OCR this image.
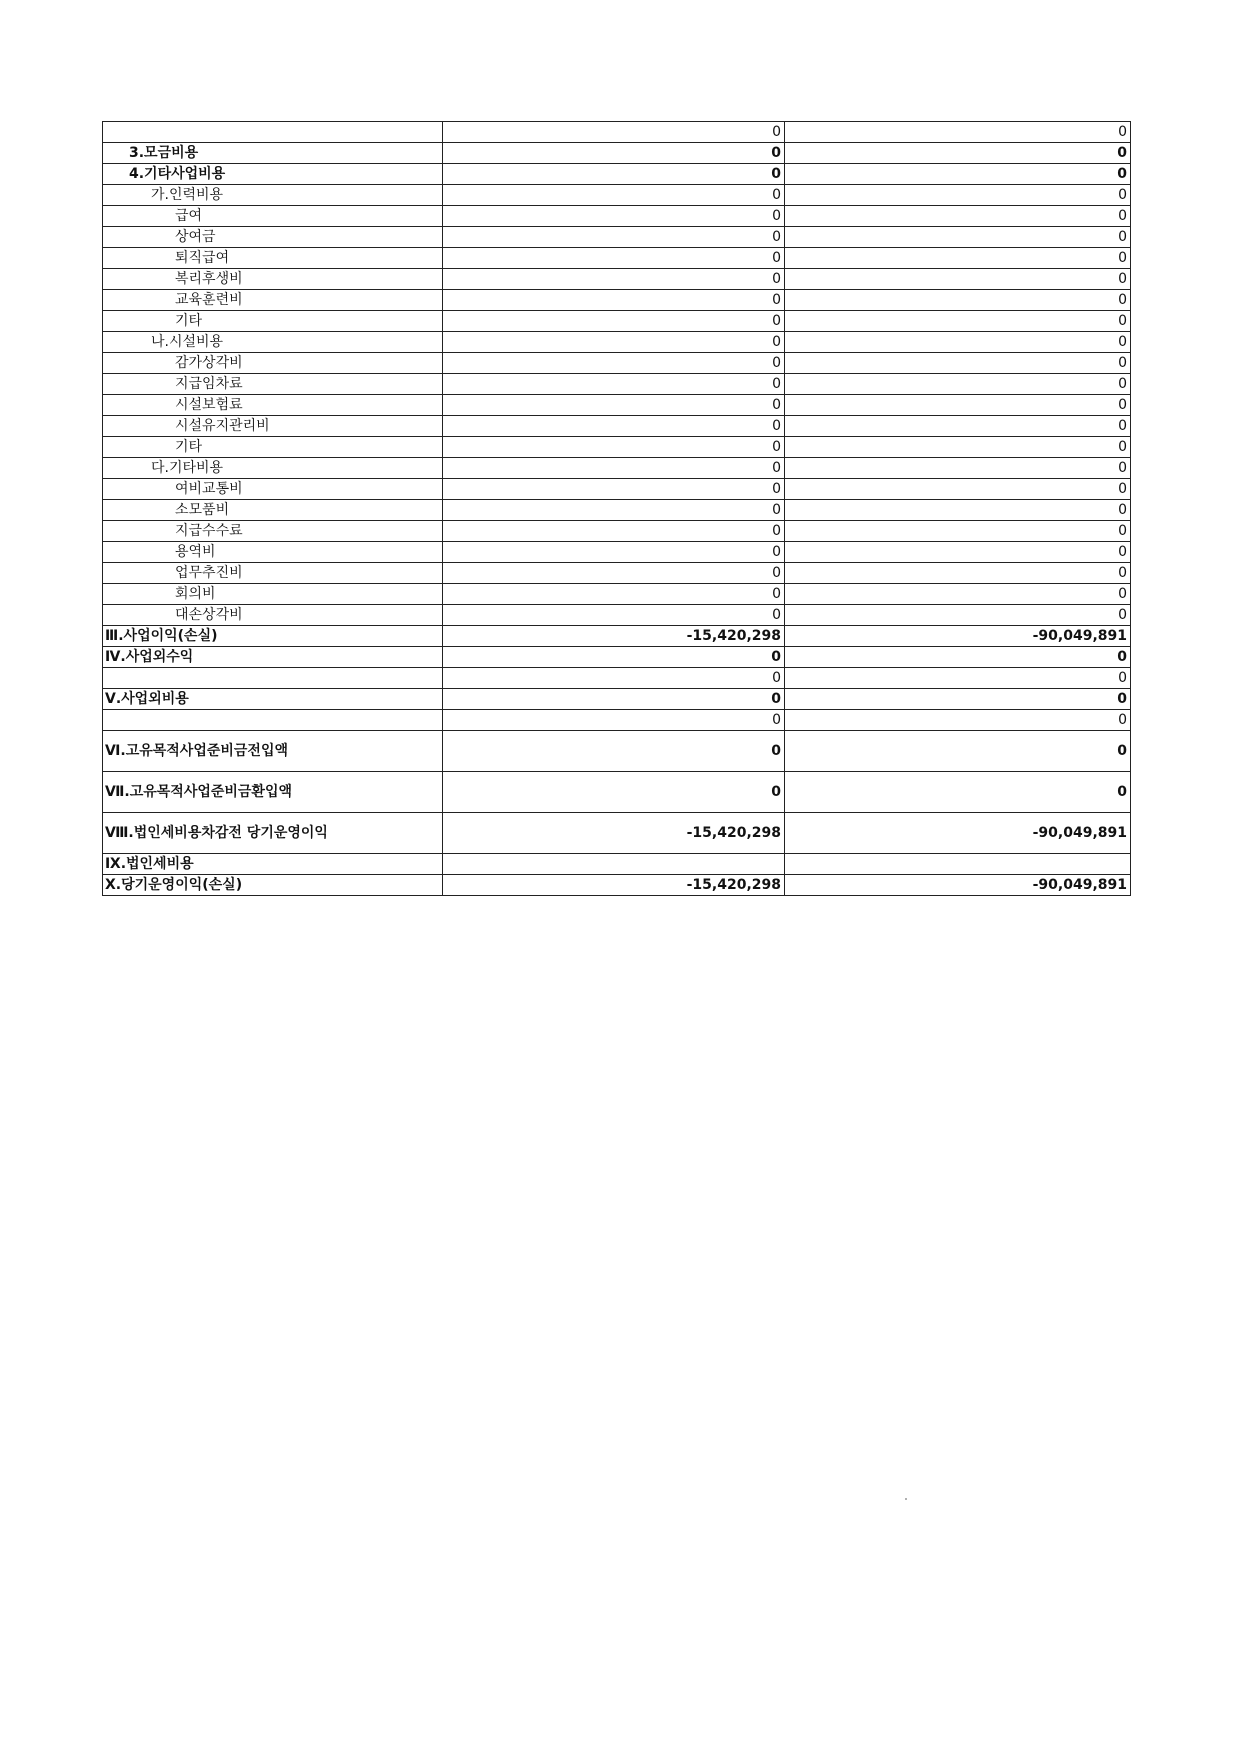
	0	0
3.모금비용	0	0
4.기타사업비용	0	0
가.인력비용	0	0
급여	0	0
상여금	0	0
퇴직급여	0	0
복리후생비	0	0
교육훈련비	0	0
기타	0	0
나.시설비용	0	0
감가상각비	0	0
지급임차료	0	0
시설보험료	0	0
시설유지관리비	0	0
기타	0	0
다.기타비용	0	0
여비교통비	0	0
소모품비	0	0
지급수수료	0	0
용역비	0	0
업무추진비	0	0
회의비	0	0
대손상각비	0	0
Ⅲ.사업이익(손실)	-15,420,298	-90,049,891
Ⅳ.사업외수익	0	0
	0	0
Ⅴ.사업외비용	0	0
	0	0
Ⅵ.고유목적사업준비금전입액	0	0
Ⅶ.고유목적사업준비금환입액	0	0
Ⅷ.법인세비용차감전 당기운영이익	-15,420,298	-90,049,891
Ⅸ.법인세비용		
Ⅹ.당기운영이익(손실)	-15,420,298	-90,049,891
